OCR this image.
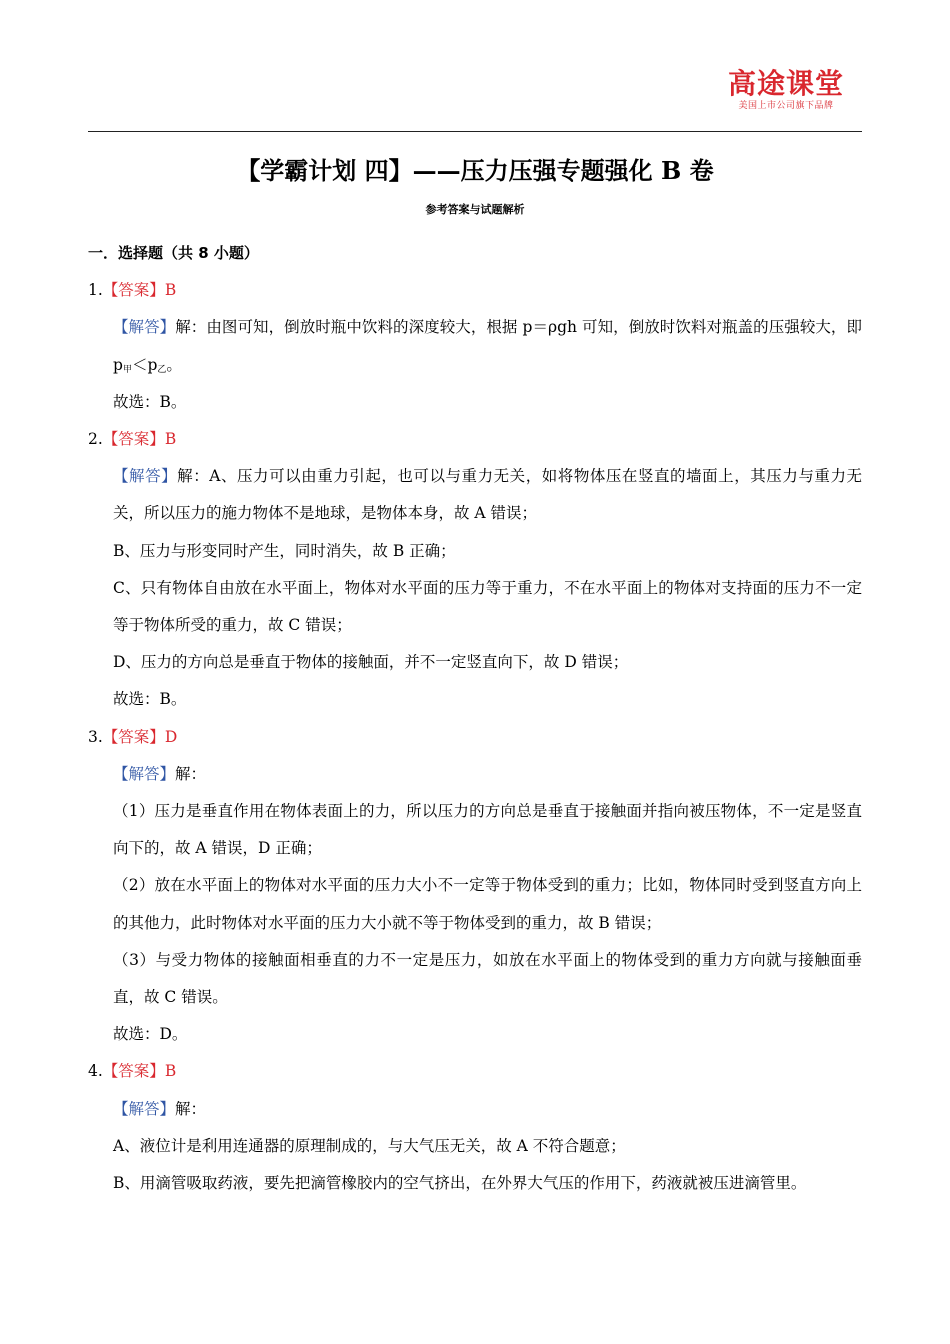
高途课堂
美国上市公司旗下品牌
【学霸计划 四】——压力压强专题强化 B 卷
参考答案与试题解析

一．选择题（共 8 小题）

1.【答案】B

【解答】解：由图可知，倒放时瓶中饮料的深度较大，根据 p＝ρgh 可知，倒放时饮料对瓶盖的压强较大，即 $p_甲<p_乙$。

故选：B。

2.【答案】B

【解答】解：A、压力可以由重力引起，也可以与重力无关，如将物体压在竖直的墙面上，其压力与重力无关，所以压力的施力物体不是地球，是物体本身，故 A 错误；

B、压力与形变同时产生，同时消失，故 B 正确；

C、只有物体自由放在水平面上，物体对水平面的压力等于重力，不在水平面上的物体对支持面的压力不一定等于物体所受的重力，故 C 错误；

D、压力的方向总是垂直于物体的接触面，并不一定竖直向下，故 D 错误；

故选：B。

3.【答案】D

【解答】解：

（1）压力是垂直作用在物体表面上的力，所以压力的方向总是垂直于接触面并指向被压物体，不一定是竖直向下的，故 A 错误，D 正确；

（2）放在水平面上的物体对水平面的压力大小不一定等于物体受到的重力；比如，物体同时受到竖直方向上的其他力，此时物体对水平面的压力大小就不等于物体受到的重力，故 B 错误；

（3）与受力物体的接触面相垂直的力不一定是压力，如放在水平面上的物体受到的重力方向就与接触面垂直，故 C 错误。

故选：D。

4.【答案】B

【解答】解：

A、液位计是利用连通器的原理制成的，与大气压无关，故 A 不符合题意；

B、用滴管吸取药液，要先把滴管橡胶内的空气挤出，在外界大气压的作用下，药液就被压进滴管里。
